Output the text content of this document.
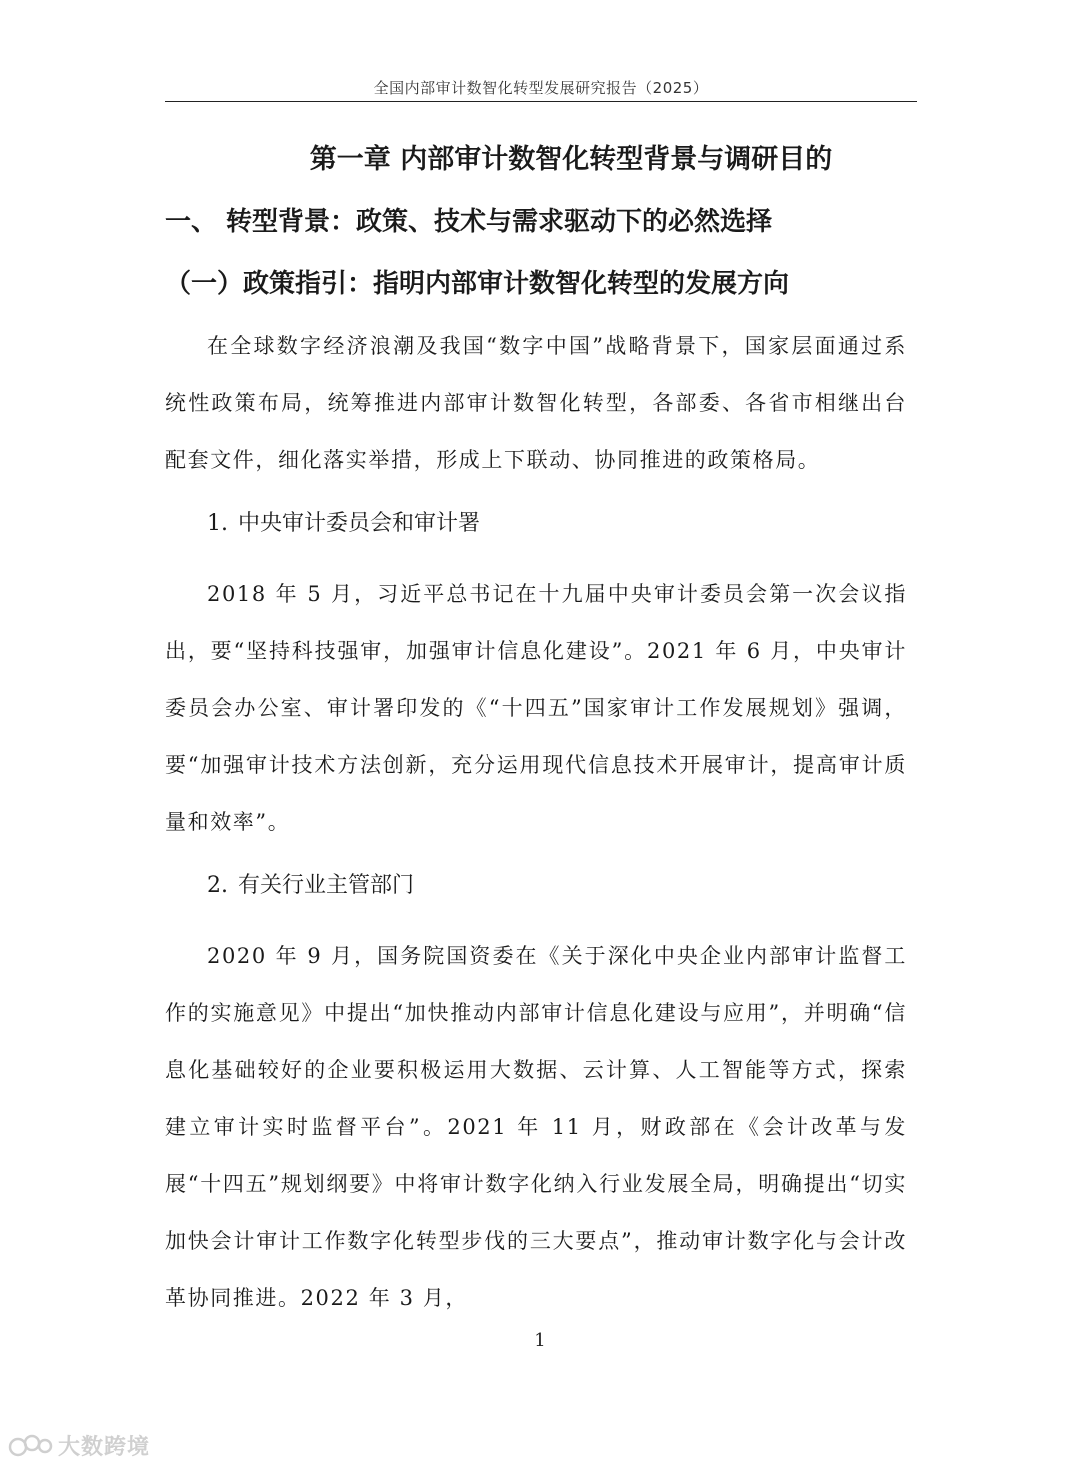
全国内部审计数智化转型发展研究报告（2025）
第一章 内部审计数智化转型背景与调研目的
一、 转型背景：政策、技术与需求驱动下的必然选择
（一）政策指引：指明内部审计数智化转型的发展方向

在全球数字经济浪潮及我国“数字中国”战略背景下，国家层面通过系统性政策布局，统筹推进内部审计数智化转型，各部委、各省市相继出台配套文件，细化落实举措，形成上下联动、协同推进的政策格局。

1. 中央审计委员会和审计署

2018 年 5 月，习近平总书记在十九届中央审计委员会第一次会议指出，要“坚持科技强审，加强审计信息化建设”。2021 年 6 月，中央审计委员会办公室、审计署印发的《“十四五”国家审计工作发展规划》强调，要“加强审计技术方法创新，充分运用现代信息技术开展审计，提高审计质量和效率”。

2. 有关行业主管部门

2020 年 9 月，国务院国资委在《关于深化中央企业内部审计监督工作的实施意见》中提出“加快推动内部审计信息化建设与应用”，并明确“信息化基础较好的企业要积极运用大数据、云计算、人工智能等方式，探索建立审计实时监督平台”。2021 年 11 月，财政部在《会计改革与发展“十四五”规划纲要》中将审计数字化纳入行业发展全局，明确提出“切实加快会计审计工作数字化转型步伐的三大要点”，推动审计数字化与会计改革协同推进。2022 年 3 月，

1
大数跨境
